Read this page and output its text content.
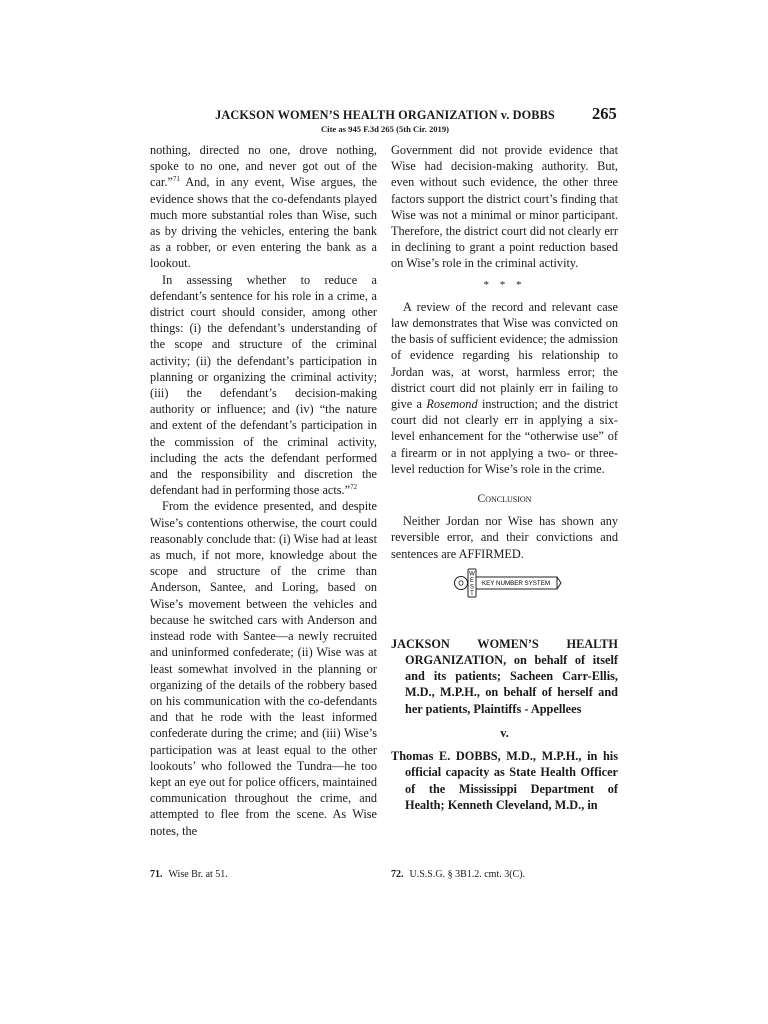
JACKSON WOMEN’S HEALTH ORGANIZATION v. DOBBS	265
Cite as 945 F.3d 265 (5th Cir. 2019)

nothing, directed no one, drove nothing, spoke to no one, and never got out of the car.”$^{71}$ And, in any event, Wise argues, the evidence shows that the co-defendants played much more substantial roles than Wise, such as by driving the vehicles, entering the bank as a robber, or even entering the bank as a lookout.

In assessing whether to reduce a defendant’s sentence for his role in a crime, a district court should consider, among other things: (i) the defendant’s understanding of the scope and structure of the criminal activity; (ii) the defendant’s participation in planning or organizing the criminal activity; (iii) the defendant’s decision-making authority or influence; and (iv) “the nature and extent of the defendant’s participation in the commission of the criminal activity, including the acts the defendant performed and the responsibility and discretion the defendant had in performing those acts.”$^{72}$

From the evidence presented, and despite Wise’s contentions otherwise, the court could reasonably conclude that: (i) Wise had at least as much, if not more, knowledge about the scope and structure of the crime than Anderson, Santee, and Loring, based on Wise’s movement between the vehicles and because he switched cars with Anderson and instead rode with Santee—a newly recruited and uninformed confederate; (ii) Wise was at least somewhat involved in the planning or organizing of the details of the robbery based on his communication with the co-defendants and that he rode with the least informed confederate during the crime; and (iii) Wise’s participation was at least equal to the other lookouts’ who followed the Tundra—he too kept an eye out for police officers, maintained communication throughout the crime, and attempted to flee from the scene. As Wise notes, the

Government did not provide evidence that Wise had decision-making authority. But, even without such evidence, the other three factors support the district court’s finding that Wise was not a minimal or minor participant. Therefore, the district court did not clearly err in declining to grant a point reduction based on Wise’s role in the criminal activity.

* * *

A review of the record and relevant case law demonstrates that Wise was convicted on the basis of sufficient evidence; the admission of evidence regarding his relationship to Jordan was, at worst, harmless error; the district court did not plainly err in failing to give a Rosemond instruction; and the district court did not clearly err in applying a six-level enhancement for the “otherwise use” of a firearm or in not applying a two- or three-level reduction for Wise’s role in the crime.

Conclusion

Neither Jordan nor Wise has shown any reversible error, and their convictions and sentences are AFFIRMED.

W
E
S
T
O	KEY NUMBER SYSTEM

JACKSON WOMEN’S HEALTH ORGANIZATION, on behalf of itself and its patients; Sacheen Carr-Ellis, M.D., M.P.H., on behalf of herself and her patients, Plaintiffs - Appellees

v.

Thomas E. DOBBS, M.D., M.P.H., in his official capacity as State Health Officer of the Mississippi Department of Health; Kenneth Cleveland, M.D., in

71. Wise Br. at 51.	72. U.S.S.G. § 3B1.2. cmt. 3(C).
